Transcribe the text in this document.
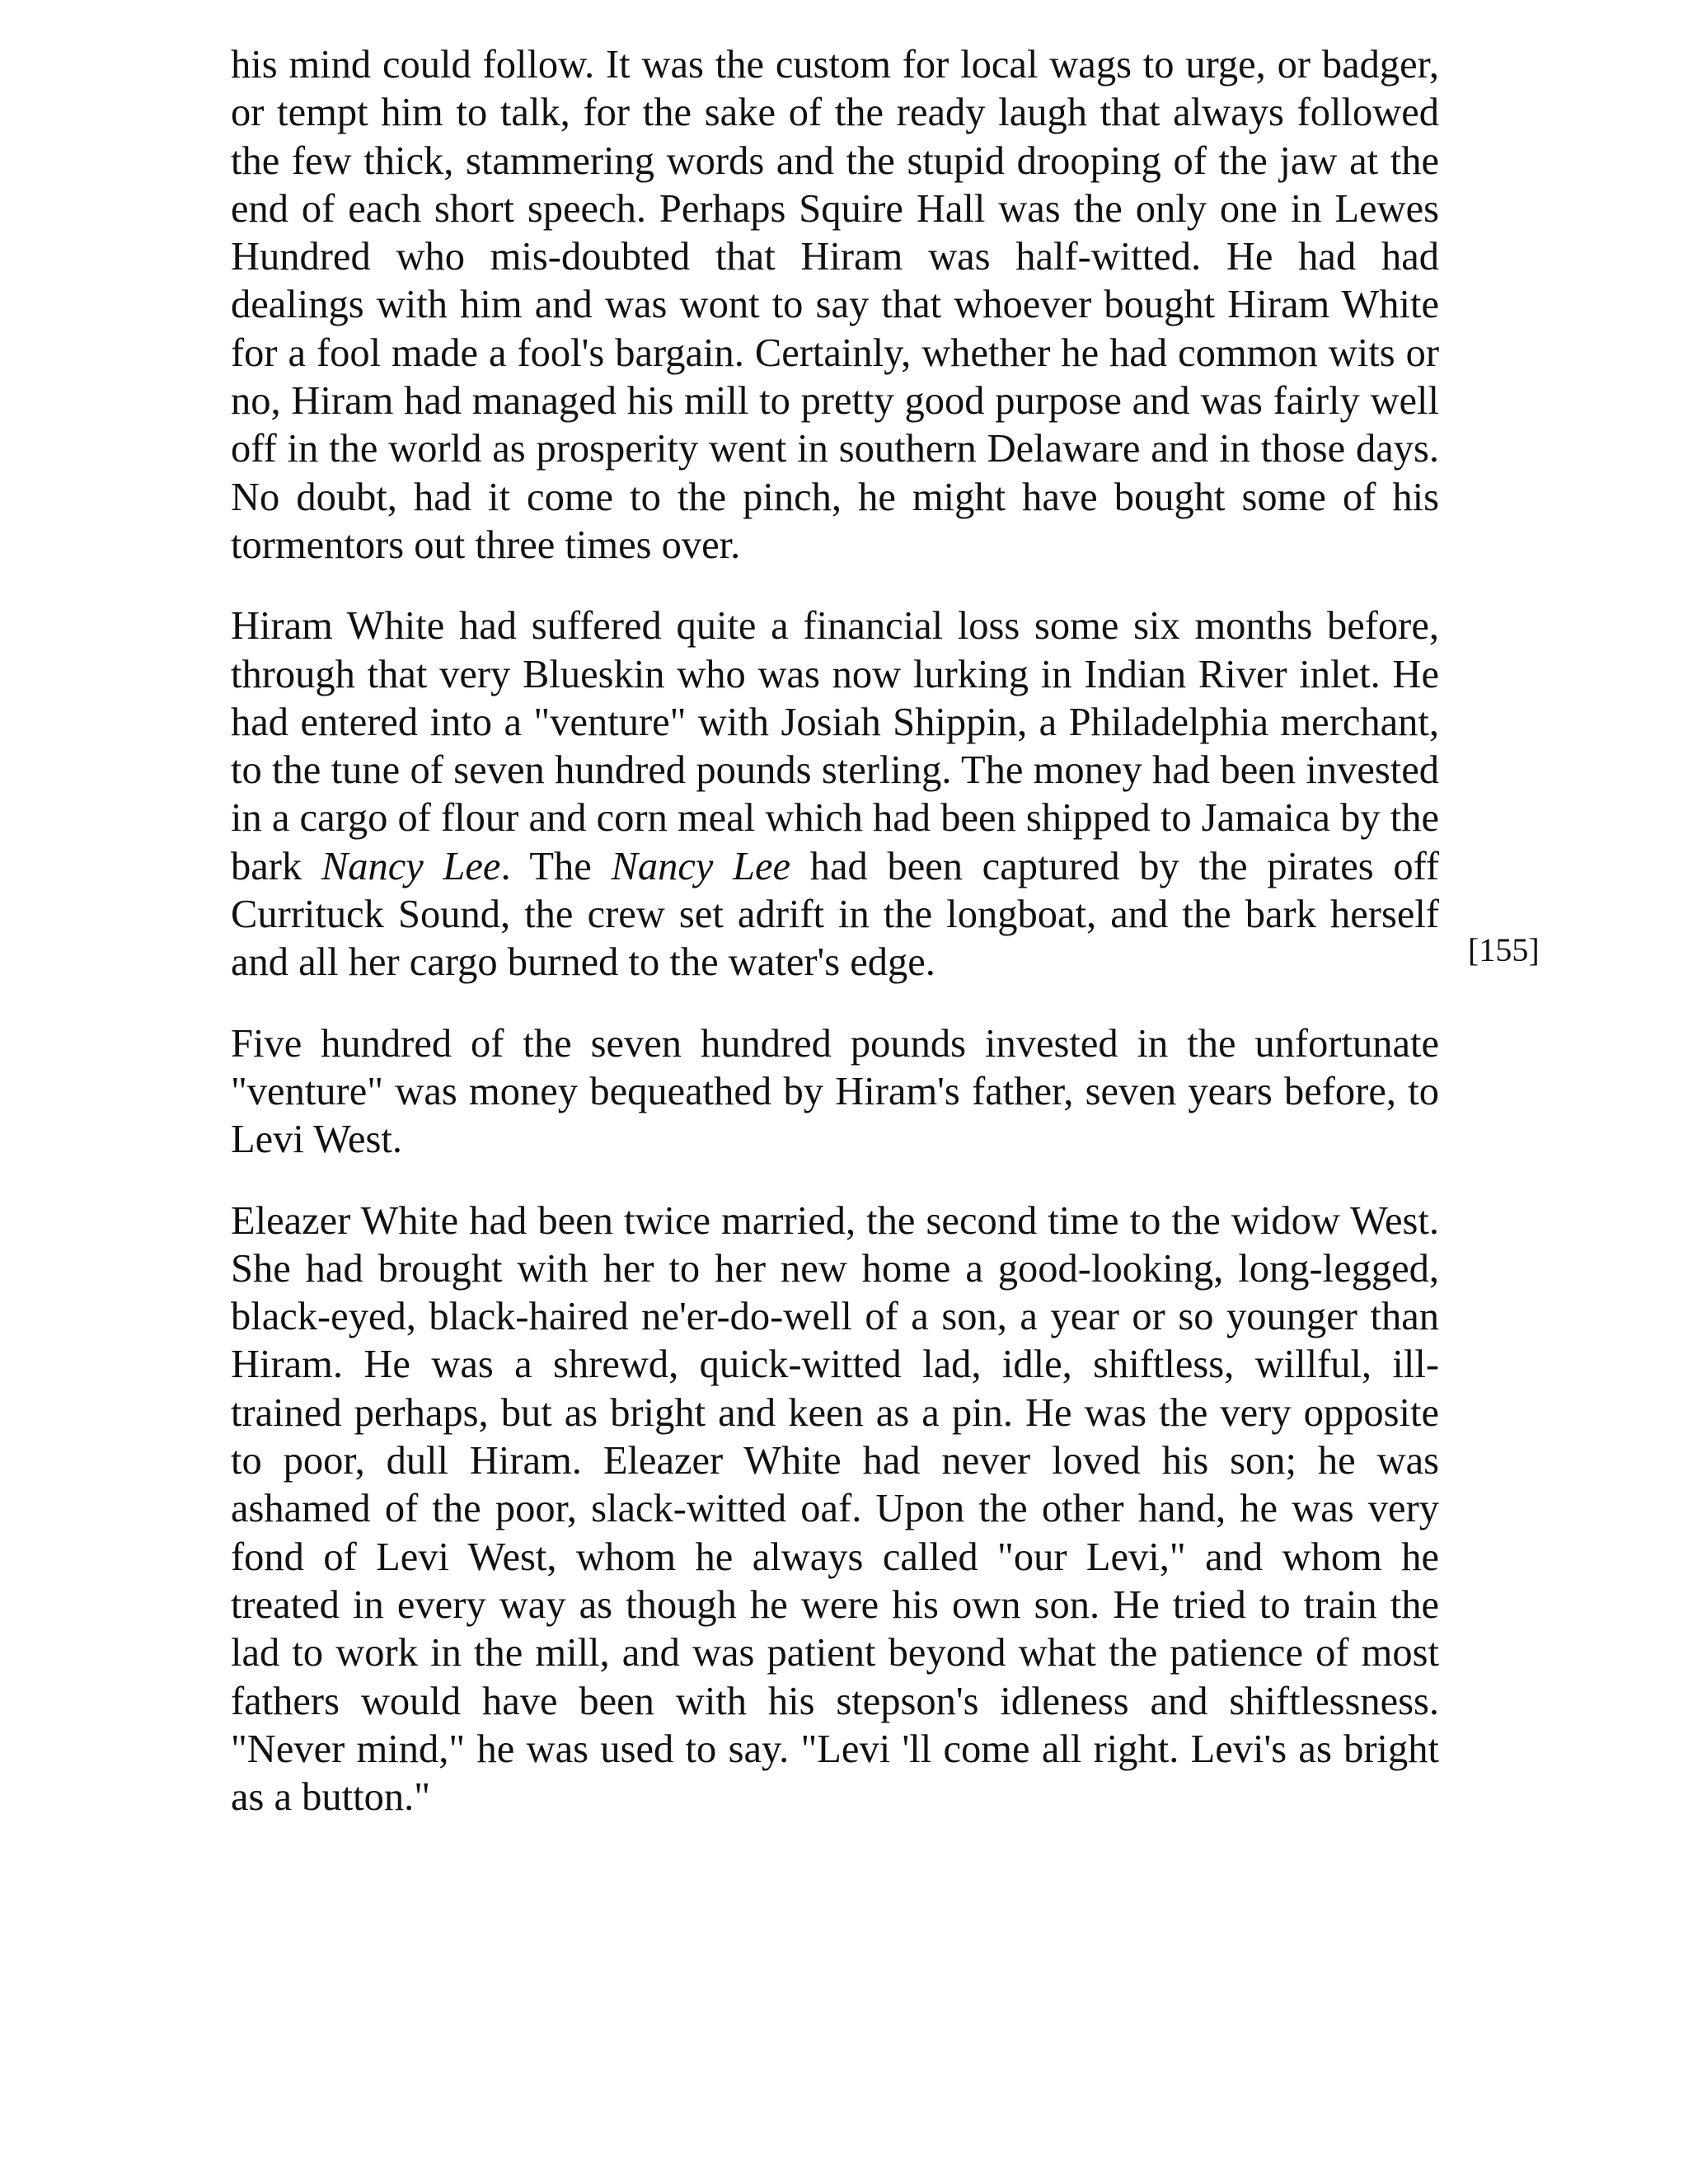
his mind could follow. It was the custom for local wags to urge, or badger, or tempt him to talk, for the sake of the ready laugh that always followed the few thick, stammering words and the stupid drooping of the jaw at the end of each short speech. Perhaps Squire Hall was the only one in Lewes Hundred who mis-doubted that Hiram was half-witted. He had had dealings with him and was wont to say that whoever bought Hiram White for a fool made a fool's bargain. Certainly, whether he had common wits or no, Hiram had managed his mill to pretty good purpose and was fairly well off in the world as prosperity went in southern Delaware and in those days. No doubt, had it come to the pinch, he might have bought some of his tormentors out three times over.

Hiram White had suffered quite a financial loss some six months before, through that very Blueskin who was now lurking in Indian River inlet. He had entered into a "venture" with Josiah Shippin, a Philadelphia merchant, to the tune of seven hundred pounds sterling. The money had been invested in a cargo of flour and corn meal which had been shipped to Jamaica by the bark Nancy Lee. The Nancy Lee had been captured by the pirates off Currituck Sound, the crew set adrift in the longboat, and the bark herself and all her cargo burned to the water's edge.

Five hundred of the seven hundred pounds invested in the unfortunate "venture" was money bequeathed by Hiram's father, seven years before, to Levi West.

Eleazer White had been twice married, the second time to the widow West. She had brought with her to her new home a good-looking, long-legged, black-eyed, black-haired ne'er-do-well of a son, a year or so younger than Hiram. He was a shrewd, quick-witted lad, idle, shiftless, willful, ill-trained perhaps, but as bright and keen as a pin. He was the very opposite to poor, dull Hiram. Eleazer White had never loved his son; he was ashamed of the poor, slack-witted oaf. Upon the other hand, he was very fond of Levi West, whom he always called "our Levi," and whom he treated in every way as though he were his own son. He tried to train the lad to work in the mill, and was patient beyond what the patience of most fathers would have been with his stepson's idleness and shiftlessness. "Never mind," he was used to say. "Levi 'll come all right. Levi's as bright as a button."

[155]
